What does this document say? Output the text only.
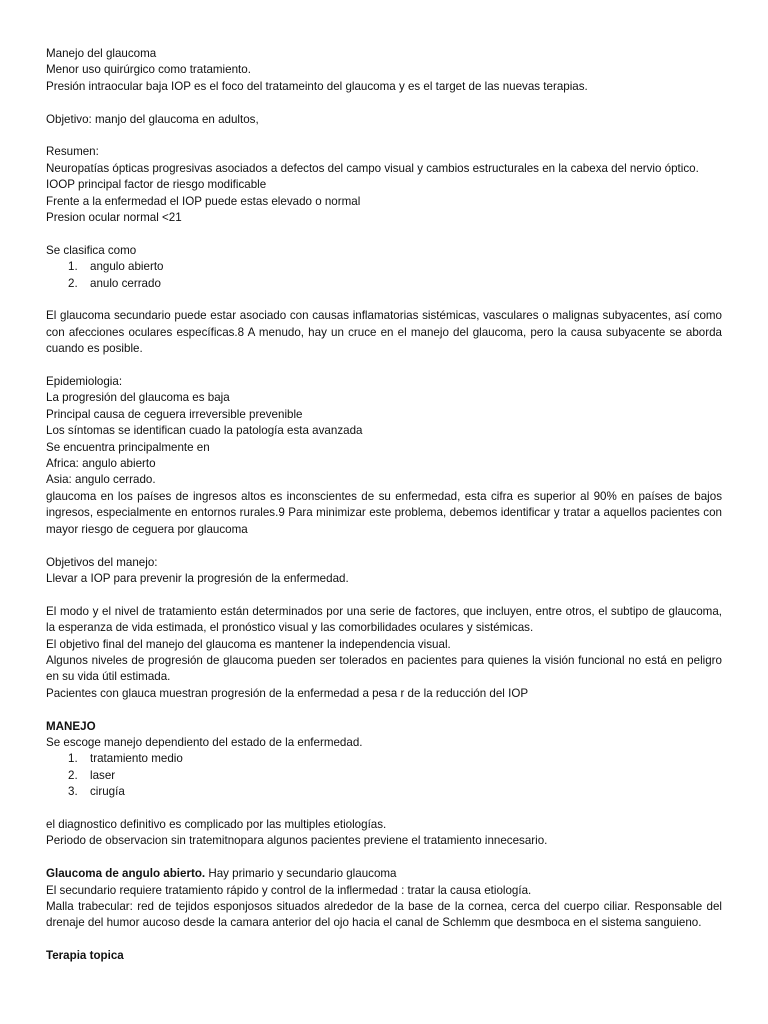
Manejo del glaucoma

Menor uso quirúrgico como tratamiento.

Presión intraocular baja IOP es el foco del tratameinto del glaucoma y es el target de las nuevas terapias.

Objetivo: manjo del glaucoma en adultos,

Resumen:

Neuropatías ópticas progresivas asociados a defectos del campo visual y cambios estructurales en la cabexa del nervio óptico.

IOOP principal factor de riesgo modificable

Frente a la enfermedad el IOP puede estas elevado o normal

Presion ocular normal <21

Se clasifica como

1.	angulo abierto
2.	anulo cerrado

El glaucoma secundario puede estar asociado con causas inflamatorias sistémicas, vasculares o malignas subyacentes, así como con afecciones oculares específicas.8 A menudo, hay un cruce en el manejo del glaucoma, pero la causa subyacente se aborda cuando es posible.

Epidemiologia:

La progresión del glaucoma es baja

Principal causa de ceguera irreversible prevenible

Los síntomas se identifican cuado la patología esta avanzada

Se encuentra principalmente en

Africa: angulo abierto

Asia: angulo cerrado.

glaucoma en los países de ingresos altos es inconscientes de su enfermedad, esta cifra es superior al 90% en países de bajos ingresos, especialmente en entornos rurales.9 Para minimizar este problema, debemos identificar y tratar a aquellos pacientes con mayor riesgo de ceguera por glaucoma

Objetivos del manejo:

Llevar a IOP para prevenir la progresión de la enfermedad.

El modo y el nivel de tratamiento están determinados por una serie de factores, que incluyen, entre otros, el subtipo de glaucoma, la esperanza de vida estimada, el pronóstico visual y las comorbilidades oculares y sistémicas.

El objetivo final del manejo del glaucoma es mantener la independencia visual.

Algunos niveles de progresión de glaucoma pueden ser tolerados en pacientes para quienes la visión funcional no está en peligro en su vida útil estimada.

Pacientes con glauca muestran progresión de la enfermedad a pesa r de la reducción del IOP

MANEJO

Se escoge manejo dependiento del estado de la enfermedad.

1.	tratamiento medio
2.	laser
3.	cirugía

el diagnostico definitivo es complicado por las multiples etiologías.

Periodo de observacion sin tratemitnopara algunos pacientes previene el tratamiento innecesario.

Glaucoma de angulo abierto. Hay primario y secundario glaucoma

El secundario requiere tratamiento rápido y control de la inflermedad : tratar la causa etiología.

Malla trabecular: red de tejidos esponjosos situados alrededor de la base de la cornea, cerca del cuerpo ciliar. Responsable del drenaje del humor aucoso desde la camara anterior del ojo hacia el canal de Schlemm que desmboca en el sistema sanguieno.

Terapia topica
